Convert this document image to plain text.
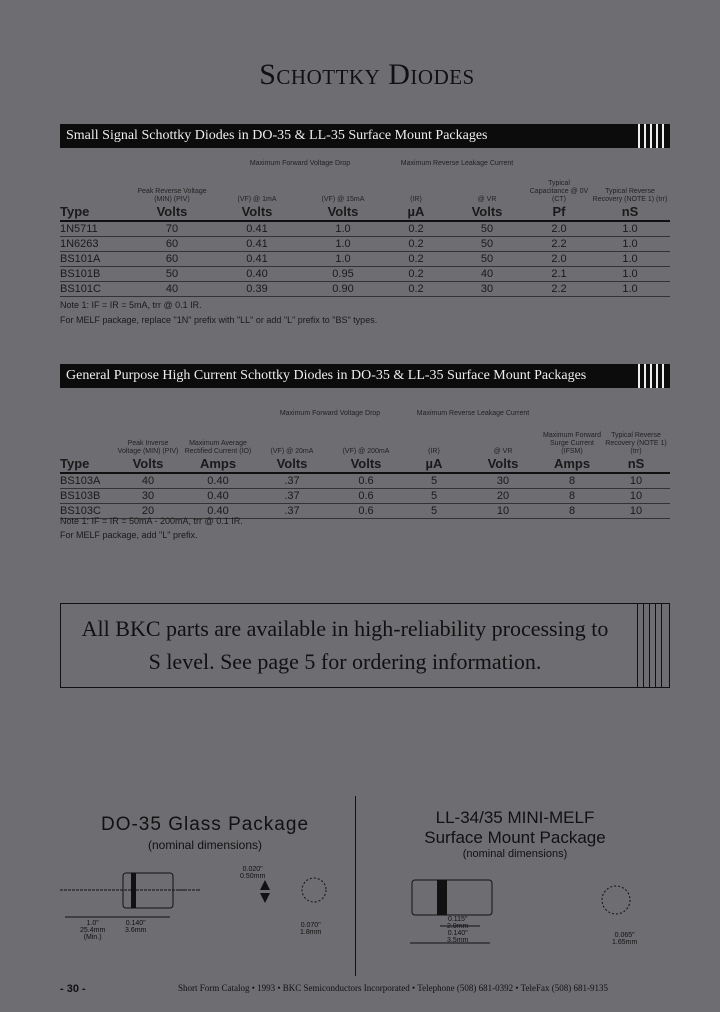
Schottky Diodes
Small Signal Schottky Diodes in DO-35 & LL-35 Surface Mount Packages
	Peak Reverse Voltage (MIN) (PIV)	Maximum Forward Voltage Drop		Maximum Reverse Leakage Current		Typical Capacitance @ 0V (CT)	Typical Reverse Recovery (NOTE 1) (trr)
		(VF) @ 1mA	(VF) @ 15mA	(IR)	@ VR		
Type	Volts	Volts	Volts	µA	Volts	Pf	nS
1N5711	70	0.41	1.0	0.2	50	2.0	1.0
1N6263	60	0.41	1.0	0.2	50	2.2	1.0
BS101A	60	0.41	1.0	0.2	50	2.0	1.0
BS101B	50	0.40	0.95	0.2	40	2.1	1.0
BS101C	40	0.39	0.90	0.2	30	2.2	1.0
Note 1: IF = IR = 5mA, trr @ 0.1 IR.
For MELF package, replace "1N" prefix with "LL" or add "L" prefix to "BS" types.
General Purpose High Current Schottky Diodes in DO-35 & LL-35 Surface Mount Packages
	Peak Inverse Voltage (MIN) (PIV)	Maximum Average Rectified Current (IO)	Maximum Forward Voltage Drop		Maximum Reverse Leakage Current		Maximum Forward Surge Current (IFSM)	Typical Reverse Recovery (NOTE 1) (trr)
			(VF) @ 20mA	(VF) @ 200mA	(IR)	@ VR		
Type	Volts	Amps	Volts	Volts	µA	Volts	Amps	nS
BS103A	40	0.40	.37	0.6	5	30	8	10
BS103B	30	0.40	.37	0.6	5	20	8	10
BS103C	20	0.40	.37	0.6	5	10	8	10
Note 1: IF = IR = 50mA - 200mA, trr @ 0.1 IR.
For MELF package, add "L" prefix.
All BKC parts are available in high-reliability processing to
S level. See page 5 for ordering information.
DO-35 Glass Package
(nominal dimensions)
0.020"
0.50mm
1.0"
25.4mm
(Min.)
0.140"
3.6mm
0.070"
1.8mm
LL-34/35 MINI-MELF
Surface Mount Package
(nominal dimensions)
0.115"
2.9mm
0.140"
3.5mm
0.065"
1.65mm
- 30 -	Short Form Catalog • 1993 • BKC Semiconductors Incorporated • Telephone (508) 681-0392 • TeleFax (508) 681-9135
